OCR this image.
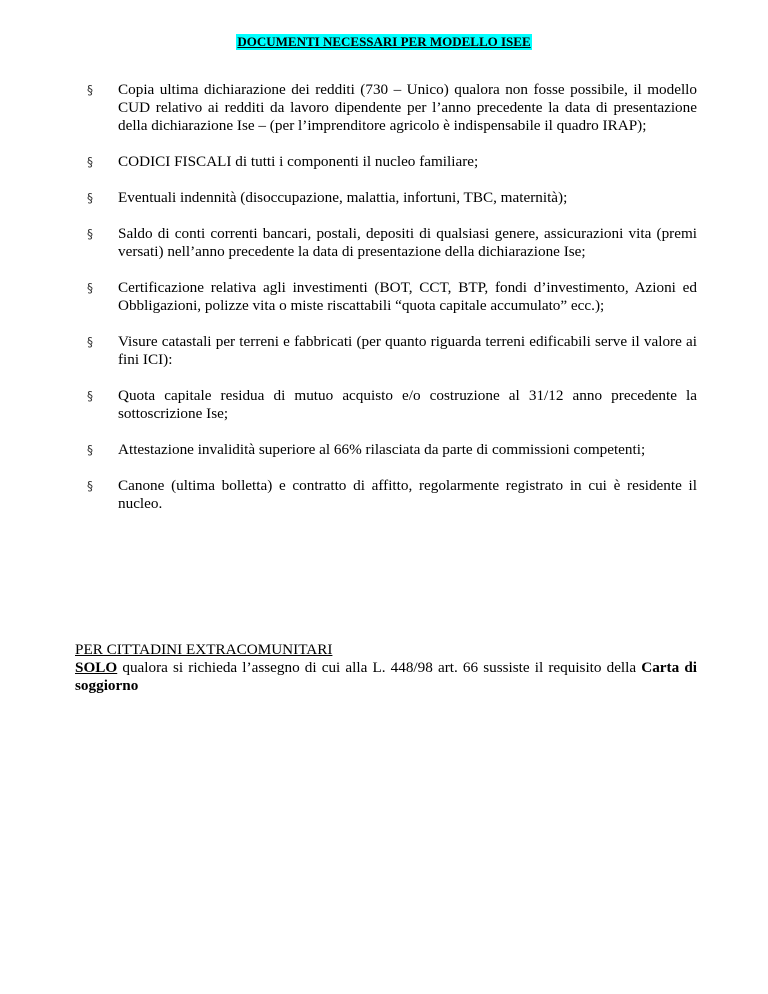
DOCUMENTI NECESSARI PER MODELLO ISEE
§	Copia ultima dichiarazione dei redditi (730 – Unico) qualora non fosse possibile, il modello CUD relativo ai redditi da lavoro dipendente per l’anno precedente la data di presentazione della dichiarazione Ise – (per l’imprenditore agricolo è indispensabile il quadro IRAP);
§	CODICI FISCALI di tutti i componenti il nucleo familiare;
§	Eventuali indennità (disoccupazione, malattia, infortuni, TBC, maternità);
§	Saldo di conti correnti bancari, postali, depositi di qualsiasi genere, assicurazioni vita (premi versati) nell’anno precedente la data di presentazione della dichiarazione Ise;
§	Certificazione relativa agli investimenti (BOT, CCT, BTP, fondi d’investimento, Azioni ed Obbligazioni, polizze vita o miste riscattabili “quota capitale accumulato” ecc.);
§	Visure catastali per terreni e fabbricati (per quanto riguarda terreni edificabili serve il valore ai fini ICI):
§	Quota capitale residua di mutuo acquisto e/o costruzione al 31/12 anno precedente la sottoscrizione Ise;
§	Attestazione invalidità superiore al 66% rilasciata da parte di commissioni competenti;
§	Canone (ultima bolletta) e contratto di affitto, regolarmente registrato in cui è residente il nucleo.
PER CITTADINI EXTRACOMUNITARI
SOLO qualora si richieda l’assegno di cui alla L. 448/98 art. 66 sussiste il requisito della Carta di soggiorno
